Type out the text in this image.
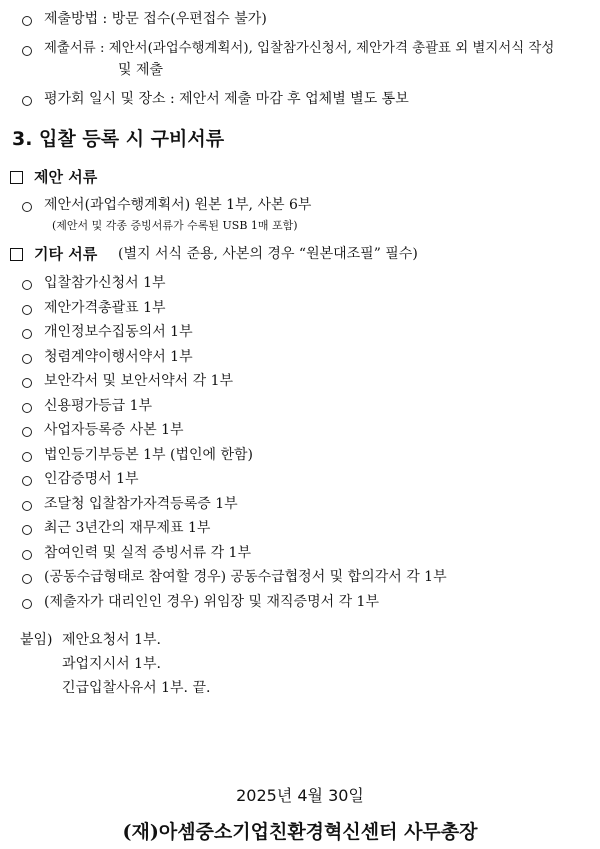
제출방법 : 방문 접수(우편접수 불가)
제출서류 : 제안서(과업수행계획서), 입찰참가신청서, 제안가격 총괄표 외 별지서식 작성
및 제출
평가회 일시 및 장소 : 제안서 제출 마감 후 업체별 별도 통보
3. 입찰 등록 시 구비서류
제안 서류
제안서(과업수행계획서) 원본 1부, 사본 6부
(제안서 및 각종 증빙서류가 수록된 USB 1매 포함)
기타 서류 (별지 서식 준용, 사본의 경우 “원본대조필” 필수)
입찰참가신청서 1부
제안가격총괄표 1부
개인정보수집동의서 1부
청렴계약이행서약서 1부
보안각서 및 보안서약서 각 1부
신용평가등급 1부
사업자등록증 사본 1부
법인등기부등본 1부 (법인에 한함)
인감증명서 1부
조달청 입찰참가자격등록증 1부
최근 3년간의 재무제표 1부
참여인력 및 실적 증빙서류 각 1부
(공동수급형태로 참여할 경우) 공동수급협정서 및 합의각서 각 1부
(제출자가 대리인인 경우) 위임장 및 재직증명서 각 1부
붙임) 제안요청서 1부.
과업지시서 1부.
긴급입찰사유서 1부. 끝.
2025년 4월 30일
(재)아셈중소기업친환경혁신센터 사무총장
